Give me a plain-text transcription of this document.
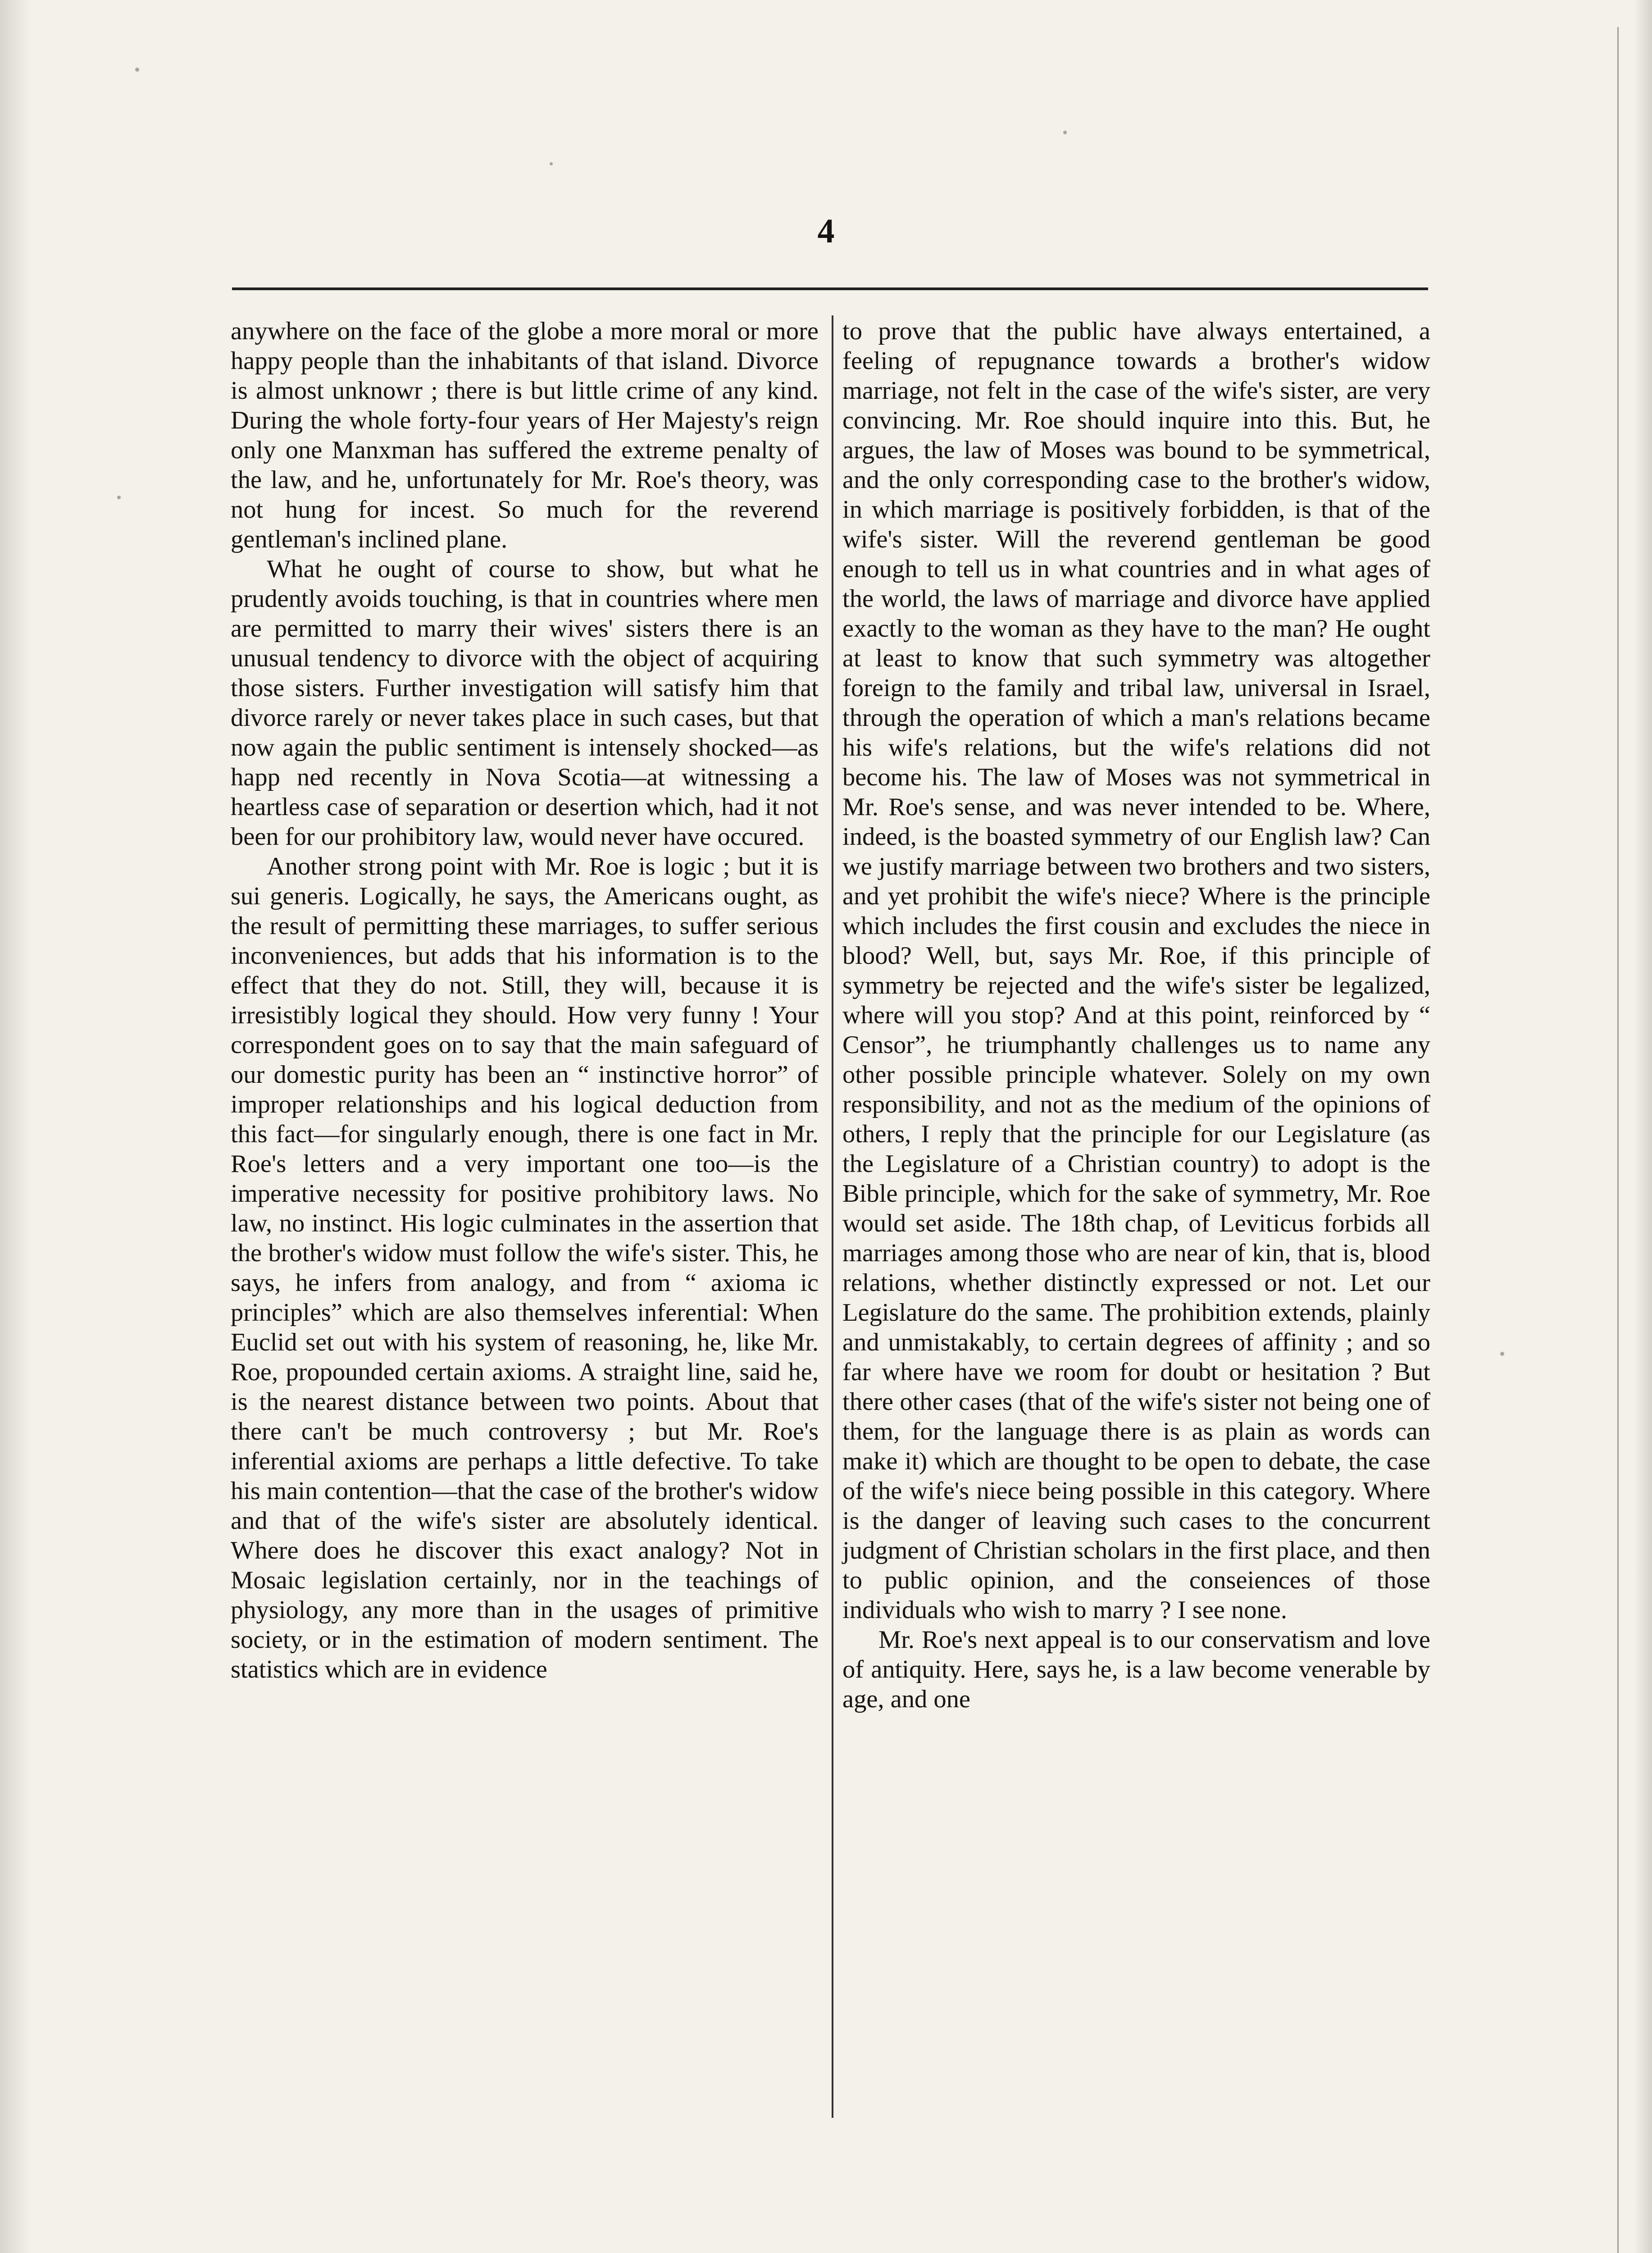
4

anywhere on the face of the globe a more moral or more happy people than the inhabitants of that island. Divorce is almost unknowr ; there is but little crime of any kind. During the whole forty-four years of Her Majesty's reign only one Manxman has suffered the extreme penalty of the law, and he, unfortunately for Mr. Roe's theory, was not hung for incest. So much for the reverend gentleman's inclined plane.

What he ought of course to show, but what he prudently avoids touching, is that in countries where men are permitted to marry their wives' sisters there is an unusual tendency to divorce with the object of acquiring those sisters. Further investigation will satisfy him that divorce rarely or never takes place in such cases, but that now again the public sentiment is intensely shocked—as happ ned recently in Nova Scotia—at witnessing a heartless case of separation or desertion which, had it not been for our prohibitory law, would never have occured.

Another strong point with Mr. Roe is logic ; but it is sui generis. Logically, he says, the Americans ought, as the result of permitting these marriages, to suffer serious inconveniences, but adds that his information is to the effect that they do not. Still, they will, because it is irresistibly logical they should. How very funny ! Your correspondent goes on to say that the main safeguard of our domestic purity has been an “ instinctive horror” of improper relationships and his logical deduction from this fact—for singularly enough, there is one fact in Mr. Roe's letters and a very important one too—is the imperative necessity for positive prohibitory laws. No law, no instinct. His logic culminates in the assertion that the brother's widow must follow the wife's sister. This, he says, he infers from analogy, and from “ axioma ic principles” which are also themselves inferential: When Euclid set out with his system of reasoning, he, like Mr. Roe, propounded certain axioms. A straight line, said he, is the nearest distance between two points. About that there can't be much controversy ; but Mr. Roe's inferential axioms are perhaps a little defective. To take his main contention—that the case of the brother's widow and that of the wife's sister are absolutely identical. Where does he discover this exact analogy? Not in Mosaic legislation certainly, nor in the teachings of physiology, any more than in the usages of primitive society, or in the estimation of modern sentiment. The statistics which are in evidence

to prove that the public have always entertained, a feeling of repugnance towards a brother's widow marriage, not felt in the case of the wife's sister, are very convincing. Mr. Roe should inquire into this. But, he argues, the law of Moses was bound to be symmetrical, and the only corresponding case to the brother's widow, in which marriage is positively forbidden, is that of the wife's sister. Will the reverend gentleman be good enough to tell us in what countries and in what ages of the world, the laws of marriage and divorce have applied exactly to the woman as they have to the man? He ought at least to know that such symmetry was altogether foreign to the family and tribal law, universal in Israel, through the operation of which a man's relations became his wife's relations, but the wife's relations did not become his. The law of Moses was not symmetrical in Mr. Roe's sense, and was never intended to be. Where, indeed, is the boasted symmetry of our English law? Can we justify marriage between two brothers and two sisters, and yet prohibit the wife's niece? Where is the principle which includes the first cousin and excludes the niece in blood? Well, but, says Mr. Roe, if this principle of symmetry be rejected and the wife's sister be legalized, where will you stop? And at this point, reinforced by “ Censor”, he triumphantly challenges us to name any other possible principle whatever. Solely on my own responsibility, and not as the medium of the opinions of others, I reply that the principle for our Legislature (as the Legislature of a Christian country) to adopt is the Bible principle, which for the sake of symmetry, Mr. Roe would set aside. The 18th chap, of Leviticus forbids all marriages among those who are near of kin, that is, blood relations, whether distinctly expressed or not. Let our Legislature do the same. The prohibition extends, plainly and unmistakably, to certain degrees of affinity ; and so far where have we room for doubt or hesitation ? But there other cases (that of the wife's sister not being one of them, for the language there is as plain as words can make it) which are thought to be open to debate, the case of the wife's niece being possible in this category. Where is the danger of leaving such cases to the concurrent judgment of Christian scholars in the first place, and then to public opinion, and the conseiences of those individuals who wish to marry ? I see none.

Mr. Roe's next appeal is to our conservatism and love of antiquity. Here, says he, is a law become venerable by age, and one
